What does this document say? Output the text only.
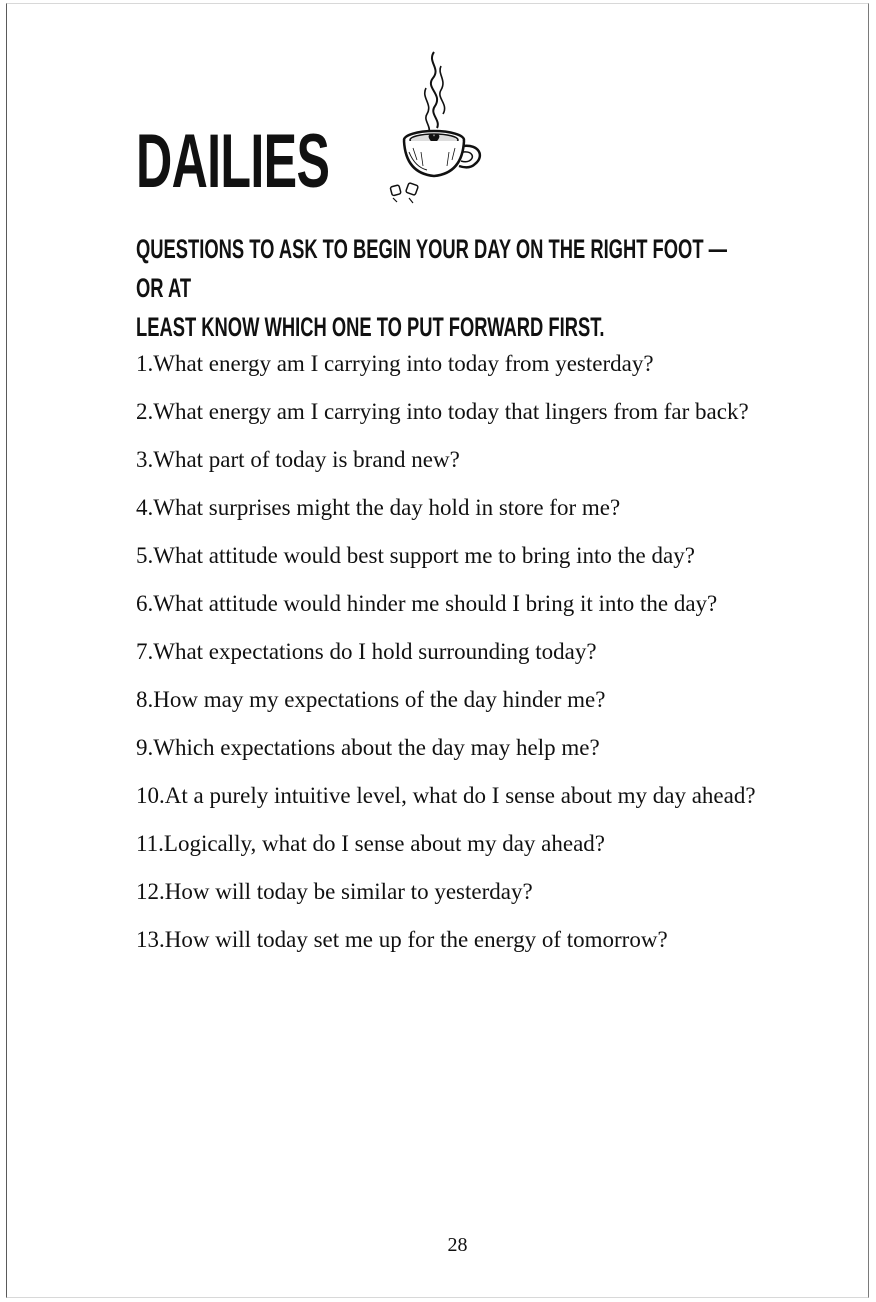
DAILIES

QUESTIONS TO ASK TO BEGIN YOUR DAY ON THE RIGHT FOOT — OR AT
LEAST KNOW WHICH ONE TO PUT FORWARD FIRST.

1.What energy am I carrying into today from yesterday?
2.What energy am I carrying into today that lingers from far back?
3.What part of today is brand new?
4.What surprises might the day hold in store for me?
5.What attitude would best support me to bring into the day?
6.What attitude would hinder me should I bring it into the day?
7.What expectations do I hold surrounding today?
8.How may my expectations of the day hinder me?
9.Which expectations about the day may help me?
10.At a purely intuitive level, what do I sense about my day ahead?
11.Logically, what do I sense about my day ahead?
12.How will today be similar to yesterday?
13.How will today set me up for the energy of tomorrow?
28
